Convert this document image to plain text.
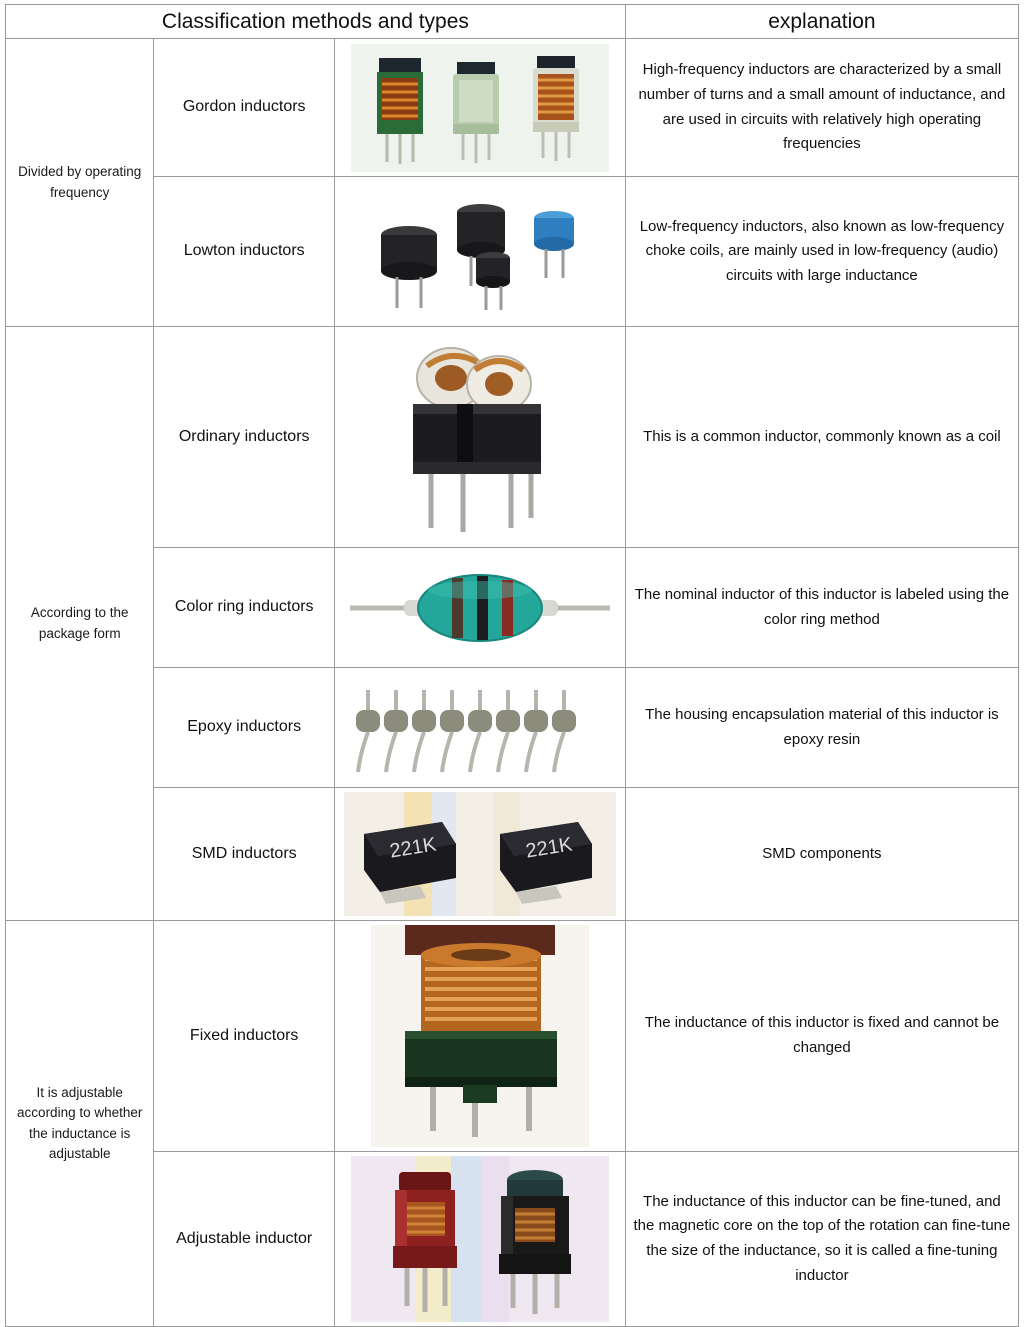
Classification methods and types			explanation
Divided by operating frequency	Gordon inductors		High-frequency inductors are characterized by a small number of turns and a small amount of inductance, and are used in circuits with relatively high operating frequencies
	Lowton inductors		Low-frequency inductors, also known as low-frequency choke coils, are mainly used in low-frequency (audio) circuits with large inductance
According to the package form	Ordinary inductors		This is a common inductor, commonly known as a coil
	Color ring inductors		The nominal inductor of this inductor is labeled using the color ring method
	Epoxy inductors		The housing encapsulation material of this inductor is epoxy resin
	SMD inductors	221K 221K	SMD components
It is adjustable according to whether the inductance is adjustable	Fixed inductors		The inductance of this inductor is fixed and cannot be changed
	Adjustable inductor		The inductance of this inductor can be fine-tuned, and the magnetic core on the top of the rotation can fine-tune the size of the inductance, so it is called a fine-tuning inductor
